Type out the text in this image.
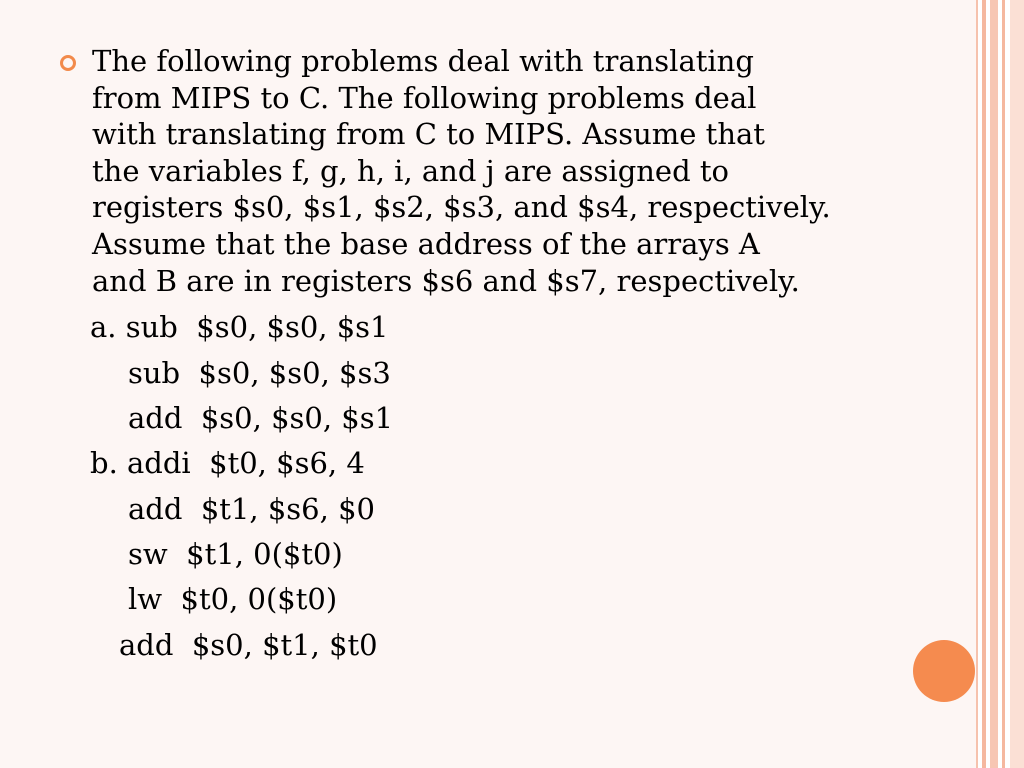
The following problems deal with translating
from MIPS to C. The following problems deal
with translating from C to MIPS. Assume that
the variables f, g, h, i, and j are assigned to
registers $s0, $s1, $s2, $s3, and $s4, respectively.
Assume that the base address of the arrays A
and B are in registers $s6 and $s7, respectively.

a. sub  $s0, $s0, $s1
sub  $s0, $s0, $s3
add  $s0, $s0, $s1
b. addi  $t0, $s6, 4
add  $t1, $s6, $0
sw  $t1, 0($t0)
lw  $t0, 0($t0)
add  $s0, $t1, $t0
